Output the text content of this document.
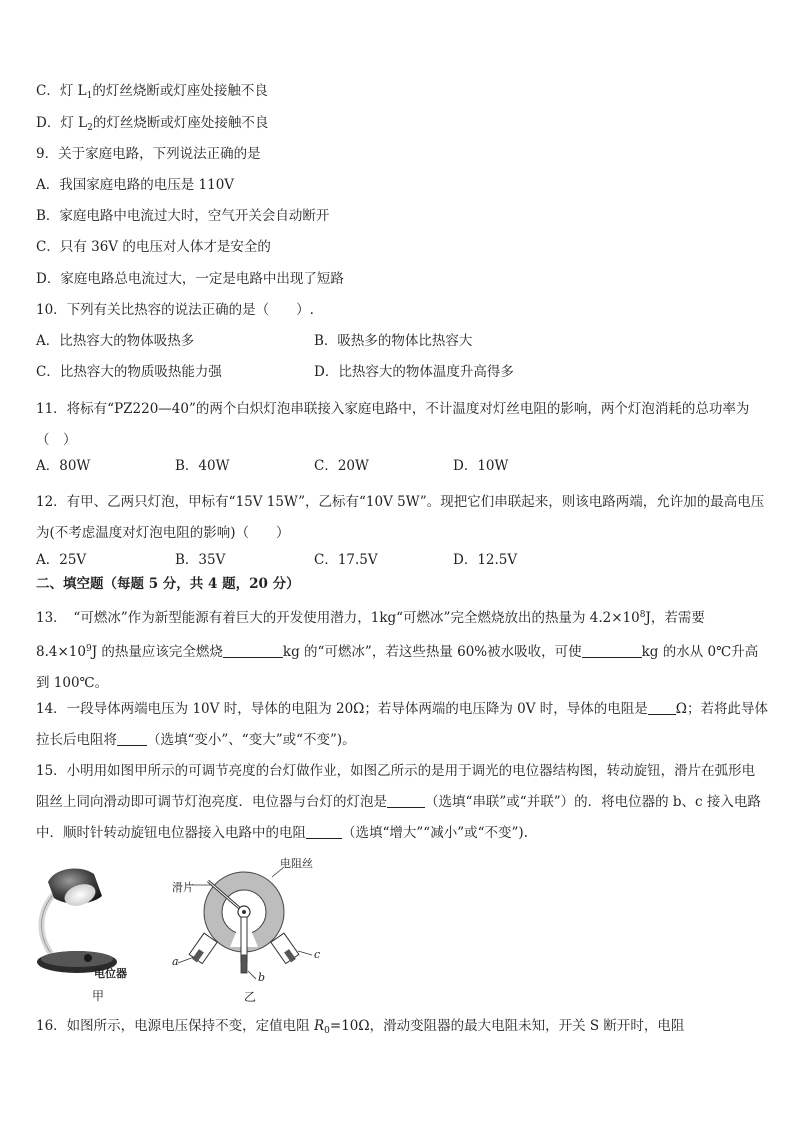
C．灯 $L_1$的灯丝烧断或灯座处接触不良
D．灯 $L_2$的灯丝烧断或灯座处接触不良
9．关于家庭电路，下列说法正确的是
A．我国家庭电路的电压是 110V
B．家庭电路中电流过大时，空气开关会自动断开
C．只有 36V 的电压对人体才是安全的
D．家庭电路总电流过大，一定是电路中出现了短路
10．下列有关比热容的说法正确的是（　　）.
A．比热容大的物体吸热多	B．吸热多的物体比热容大
C．比热容大的物质吸热能力强	D．比热容大的物体温度升高得多
11．将标有“PZ220—40”的两个白炽灯泡串联接入家庭电路中，不计温度对灯丝电阻的影响，两个灯泡消耗的总功率为（　）
A．80W	B．40W	C．20W	D．10W
12．有甲、乙两只灯泡，甲标有“15V 15W”，乙标有“10V 5W”。现把它们串联起来，则该电路两端，允许加的最高电压为(不考虑温度对灯泡电阻的影响)（　　）
A．25V	B．35V	C．17.5V	D．12.5V
二、填空题（每题 5 分，共 4 题，20 分）
13．　“可燃冰”作为新型能源有着巨大的开发使用潜力，1kg“可燃冰”完全燃烧放出的热量为 $4.2\times 10^8J$，若需要 $8.4\times 10^9J$ 的热量应该完全燃烧	kg 的“可燃冰”，若这些热量 60%被水吸收，可使	kg 的水从 0℃升高到 100℃。
14．一段导体两端电压为 10V 时，导体的电阻为 20Ω；若导体两端的电压降为 0V 时，导体的电阻是 Ω；若将此导体拉长后电阻将 （选填“变小”、“变大”或“不变”)。
15．小明用如图甲所示的可调节亮度的台灯做作业，如图乙所示的是用于调光的电位器结构图，转动旋钮，滑片在弧形电阻丝上同向滑动即可调节灯泡亮度．电位器与台灯的灯泡是	（选填“串联”或“并联”）的．将电位器的 b、c 接入电路中．顺时针转动旋钮电位器接入电路中的电阻	（选填“增大”“减小”或“不变”).
电位器
甲
电阻丝
滑片
a
b
c
乙
16．如图所示，电源电压保持不变，定值电阻 $R_0=10\Omega$，滑动变阻器的最大电阻未知，开关 S 断开时，电阻
